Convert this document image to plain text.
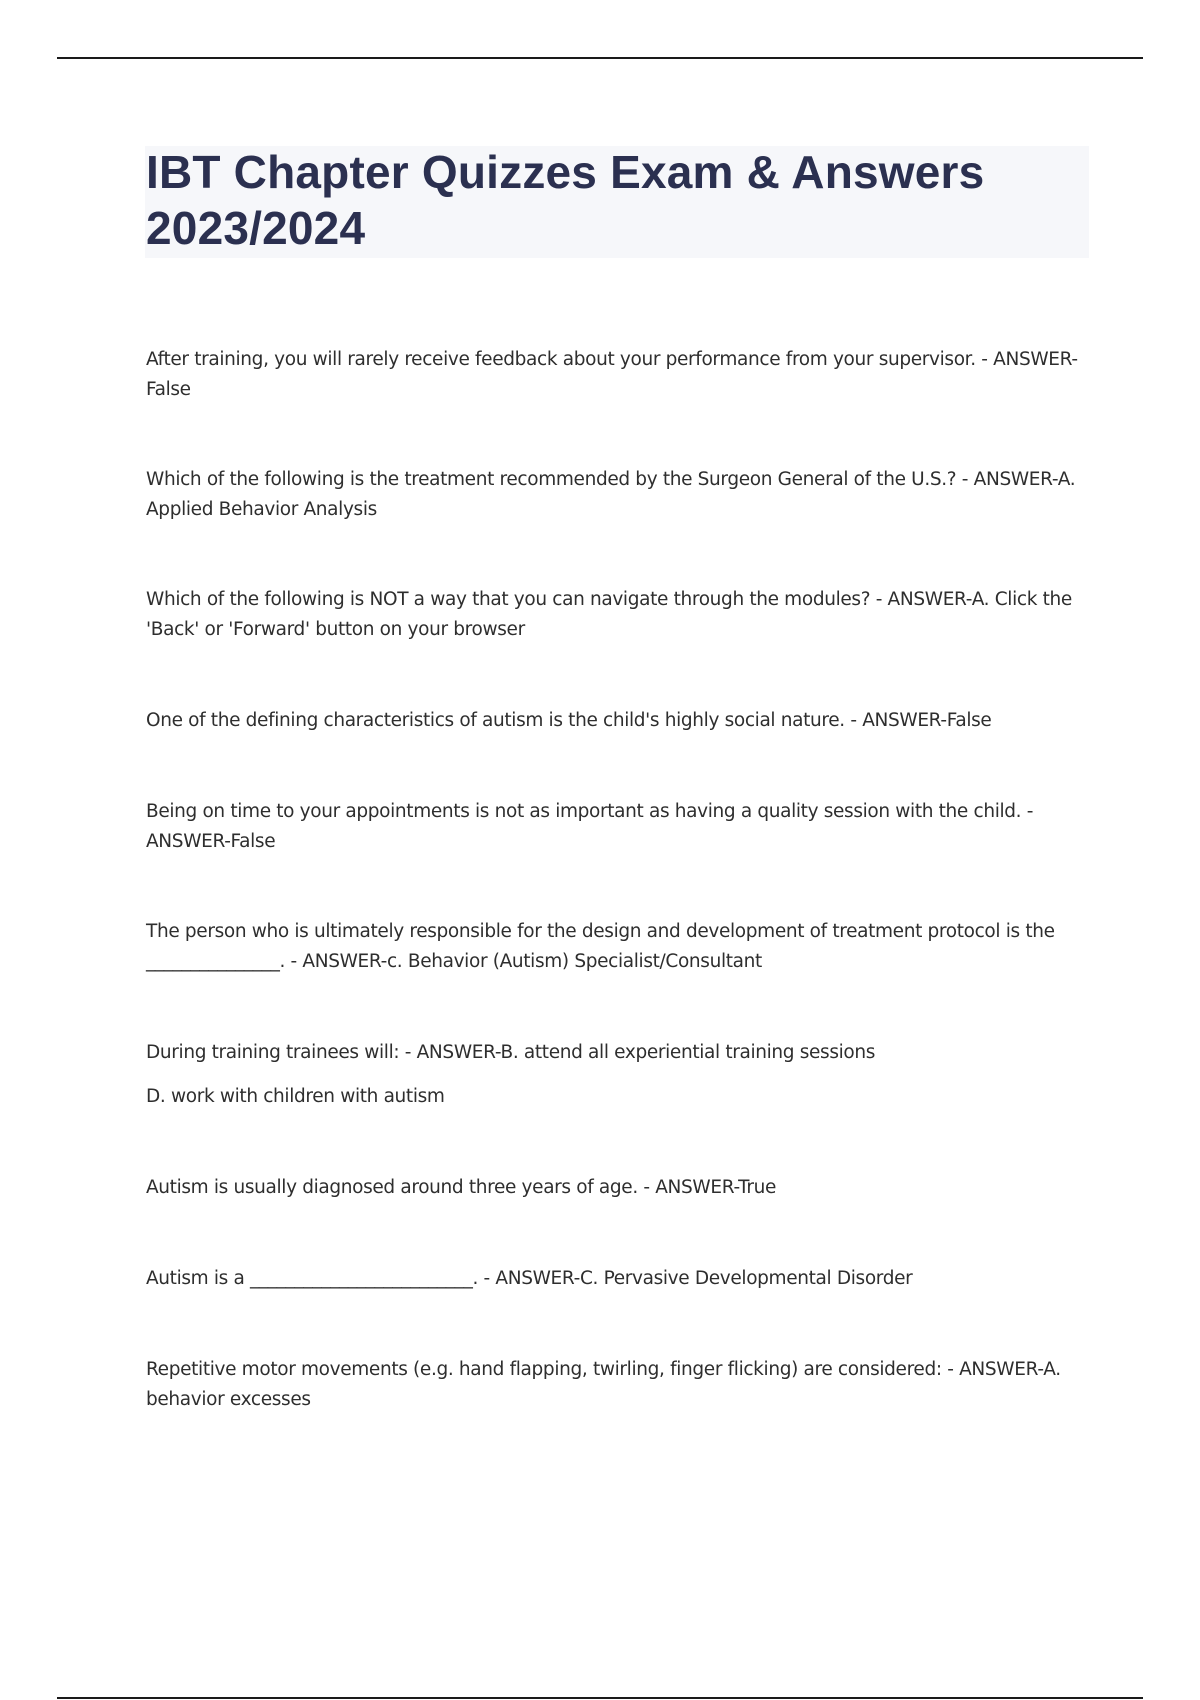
IBT Chapter Quizzes Exam & Answers 2023/2024

After training, you will rarely receive feedback about your performance from your supervisor. - ANSWER-False

Which of the following is the treatment recommended by the Surgeon General of the U.S.? - ANSWER-A. Applied Behavior Analysis

Which of the following is NOT a way that you can navigate through the modules? - ANSWER-A. Click the 'Back' or 'Forward' button on your browser

One of the defining characteristics of autism is the child's highly social nature. - ANSWER-False

Being on time to your appointments is not as important as having a quality session with the child. - ANSWER-False

The person who is ultimately responsible for the design and development of treatment protocol is the _______________. - ANSWER-c. Behavior (Autism) Specialist/Consultant

During training trainees will: - ANSWER-B. attend all experiential training sessions
D. work with children with autism

Autism is usually diagnosed around three years of age. - ANSWER-True

Autism is a _________________________. - ANSWER-C. Pervasive Developmental Disorder

Repetitive motor movements (e.g. hand flapping, twirling, finger flicking) are considered: - ANSWER-A. behavior excesses
